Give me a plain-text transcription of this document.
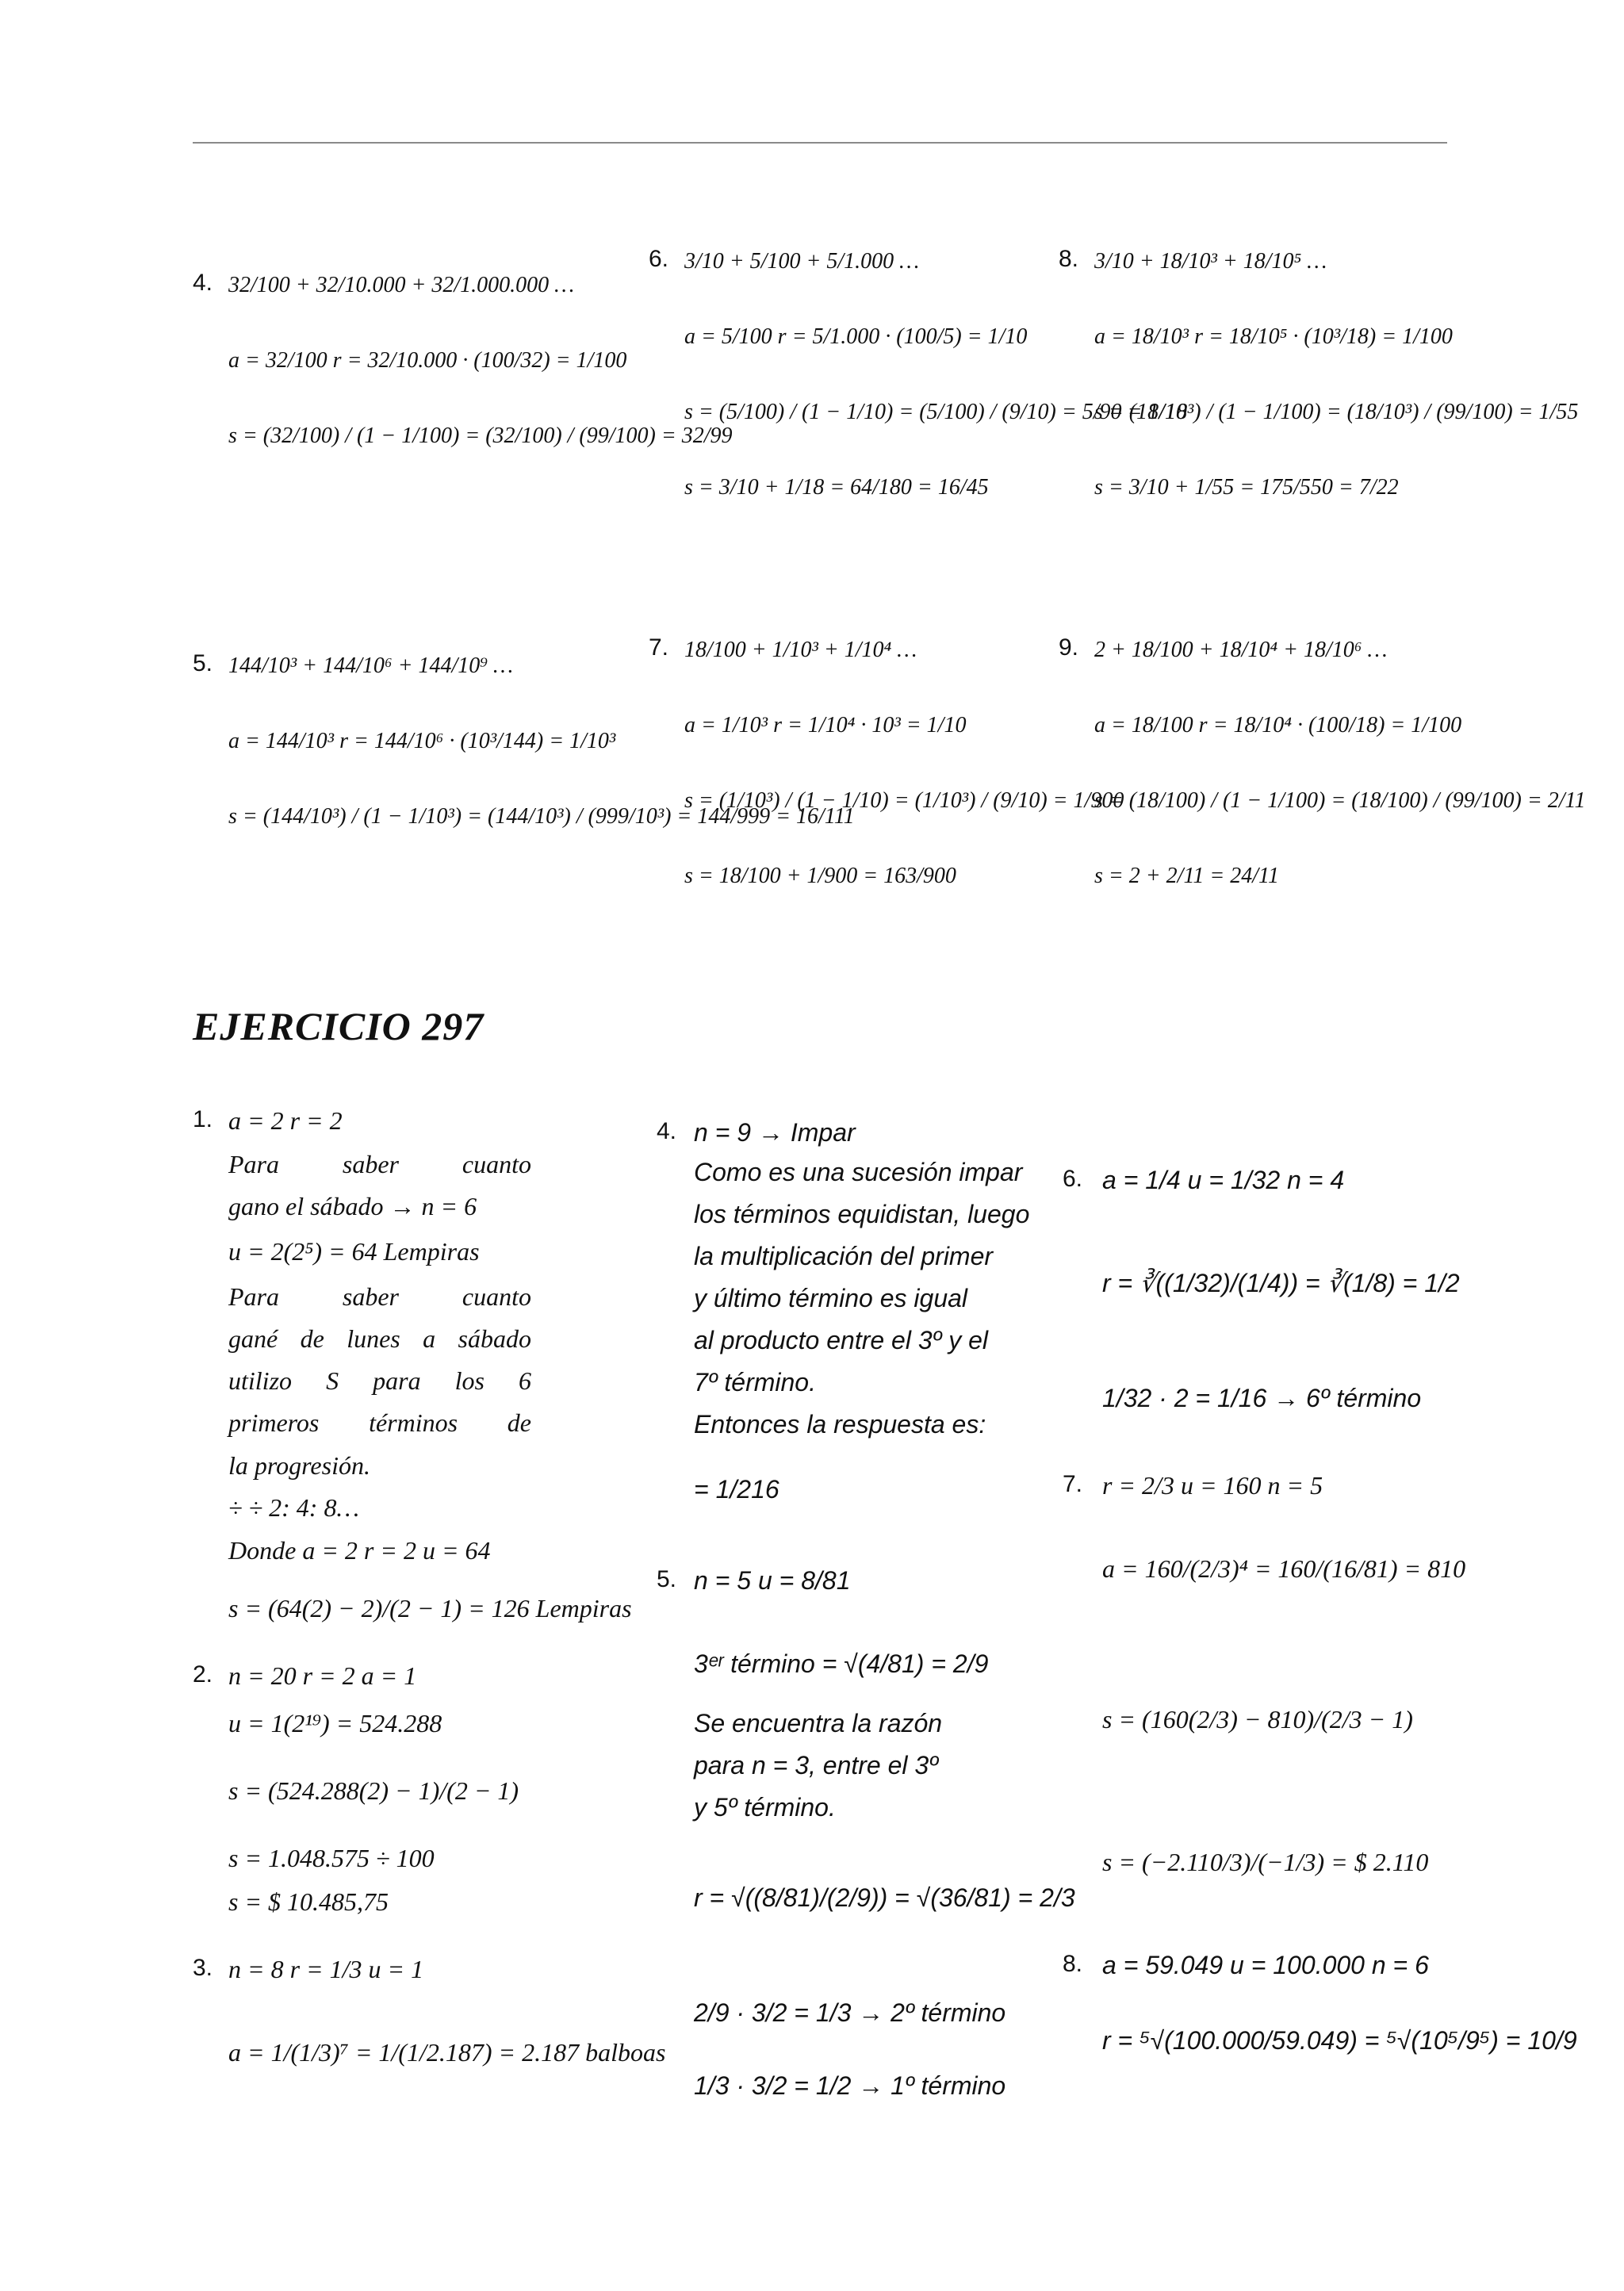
4. 32/100 + 32/10.000 + 32/1.000.000 …
a = 32/100 r = 32/10.000 · (100/32) = 1/100
s = (32/100) / (1 − 1/100) = (32/100) / (99/100) = 32/99
5. 144/10³ + 144/10⁶ + 144/10⁹ …
a = 144/10³ r = 144/10⁶ · (10³/144) = 1/10³
s = (144/10³) / (1 − 1/10³) = (144/10³) / (999/10³) = 144/999 = 16/111
6. 3/10 + 5/100 + 5/1.000 …
a = 5/100 r = 5/1.000 · (100/5) = 1/10
s = (5/100) / (1 − 1/10) = (5/100) / (9/10) = 5/90 = 1/18
s = 3/10 + 1/18 = 64/180 = 16/45
7. 18/100 + 1/10³ + 1/10⁴ …
a = 1/10³ r = 1/10⁴ · 10³ = 1/10
s = (1/10³) / (1 − 1/10) = (1/10³) / (9/10) = 1/900
s = 18/100 + 1/900 = 163/900
8. 3/10 + 18/10³ + 18/10⁵ …
a = 18/10³ r = 18/10⁵ · (10³/18) = 1/100
s = (18/10³) / (1 − 1/100) = (18/10³) / (99/100) = 1/55
s = 3/10 + 1/55 = 175/550 = 7/22
9. 2 + 18/100 + 18/10⁴ + 18/10⁶ …
a = 18/100 r = 18/10⁴ · (100/18) = 1/100
s = (18/100) / (1 − 1/100) = (18/100) / (99/100) = 2/11
s = 2 + 2/11 = 24/11
EJERCICIO 297
1. a = 2 r = 2
Para saber cuanto
gano el sábado → n = 6
u = 2(2⁵) = 64 Lempiras
Para saber cuanto
gané de lunes a sábado
utilizo S para los 6
primeros términos de
la progresión.
÷ ÷ 2: 4: 8…
Donde a = 2 r = 2 u = 64
s = (64(2) − 2)/(2 − 1) = 126 Lempiras
2. n = 20 r = 2 a = 1
u = 1(2¹⁹) = 524.288
s = (524.288(2) − 1)/(2 − 1)
s = 1.048.575 ÷ 100
s = $ 10.485,75
3. n = 8 r = 1/3 u = 1
a = 1/(1/3)⁷ = 1/(1/2.187) = 2.187 balboas
4. n = 9 → Impar
Como es una sucesión impar
los términos equidistan, luego
la multiplicación del primer
y último término es igual
al producto entre el 3º y el
7º término.
Entonces la respuesta es:
= 1/216
5. n = 5 u = 8/81
3ᵉʳ término = √(4/81) = 2/9
Se encuentra la razón
para n = 3, entre el 3º
y 5º término.
r = √((8/81)/(2/9)) = √(36/81) = 2/3
2/9 · 3/2 = 1/3 → 2º término
1/3 · 3/2 = 1/2 → 1º término
6. a = 1/4 u = 1/32 n = 4
r = ∛((1/32)/(1/4)) = ∛(1/8) = 1/2
1/32 · 2 = 1/16 → 6º término
7. r = 2/3 u = 160 n = 5
a = 160/(2/3)⁴ = 160/(16/81) = 810
s = (160(2/3) − 810)/(2/3 − 1)
s = (−2.110/3)/(−1/3) = $ 2.110
8. a = 59.049 u = 100.000 n = 6
r = ⁵√(100.000/59.049) = ⁵√(10⁵/9⁵) = 10/9
